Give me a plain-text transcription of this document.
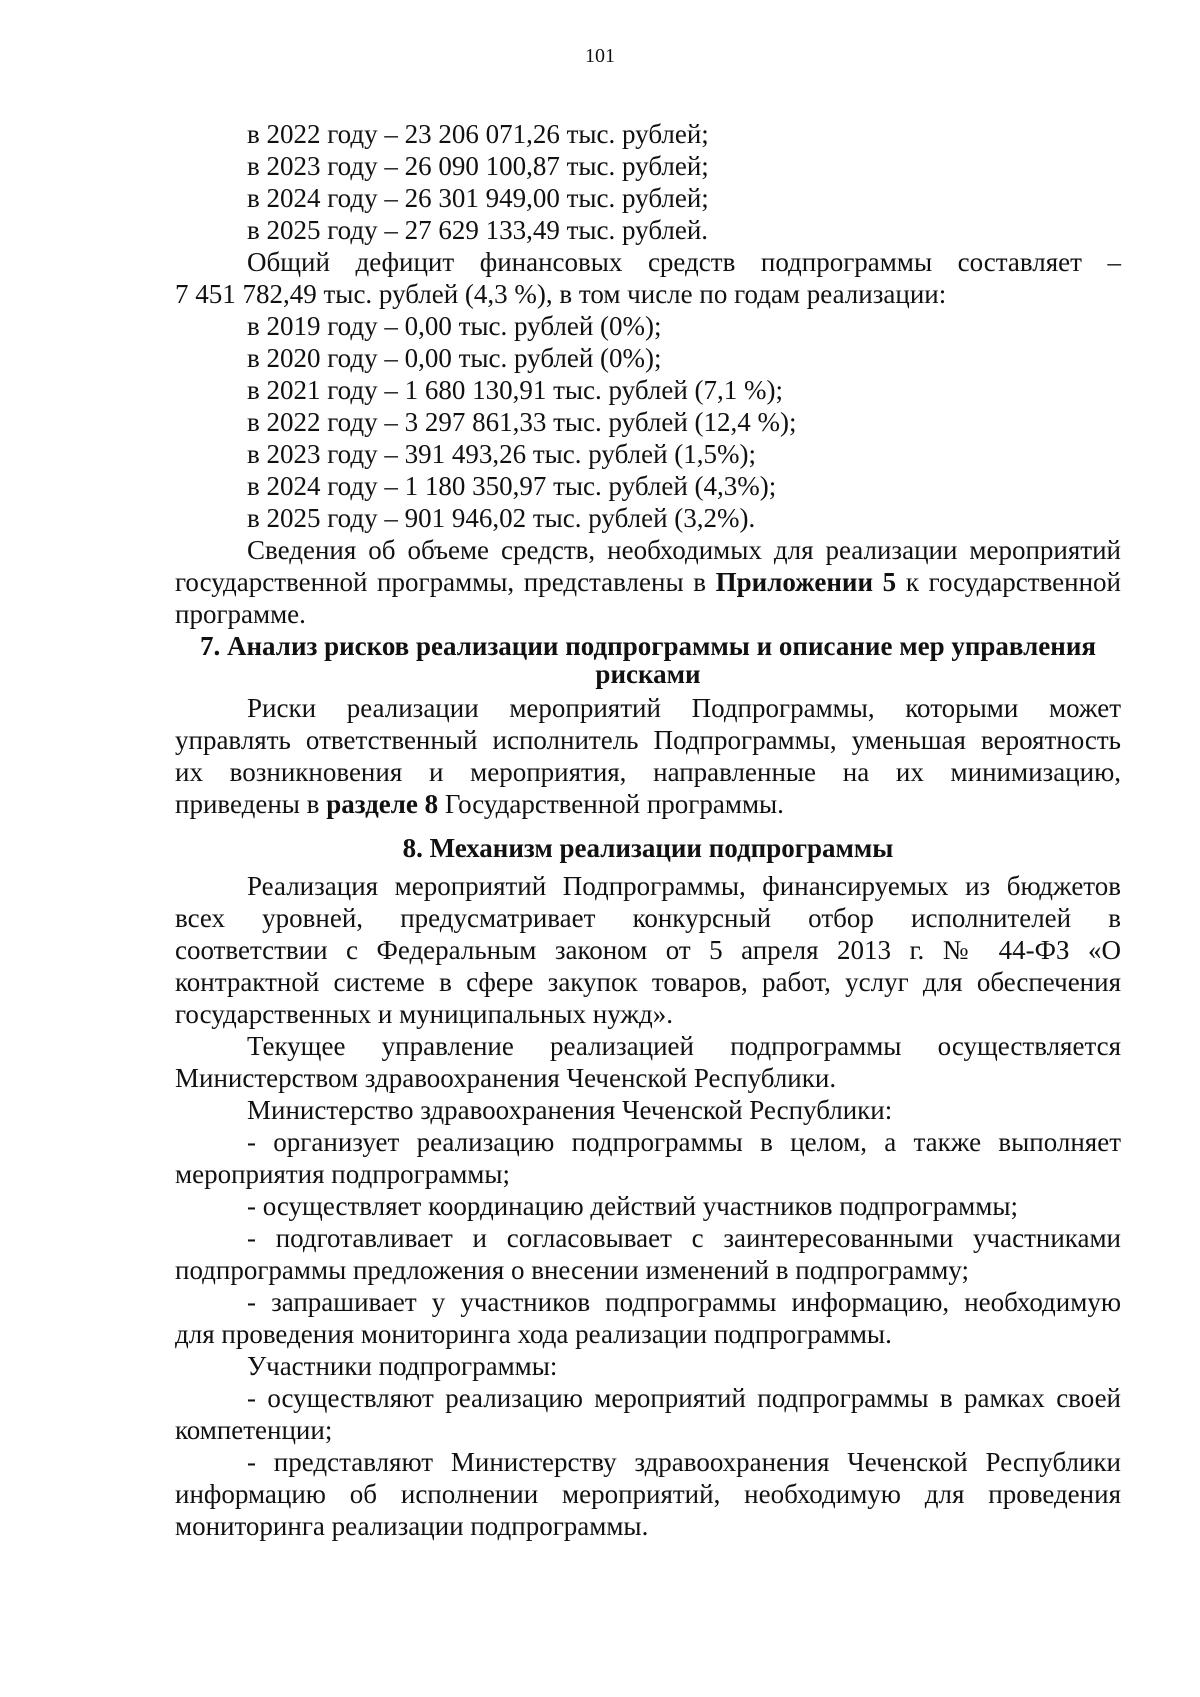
101

в 2022 году – 23 206 071,26 тыс. рублей;

в 2023 году – 26 090 100,87 тыс. рублей;

в 2024 году – 26 301 949,00 тыс. рублей;

в 2025 году – 27 629 133,49 тыс. рублей.

Общий дефицит финансовых средств подпрограммы составляет –

7 451 782,49 тыс. рублей (4,3 %), в том числе по годам реализации:

в 2019 году – 0,00 тыс. рублей (0%);

в 2020 году – 0,00 тыс. рублей (0%);

в 2021 году – 1 680 130,91 тыс. рублей (7,1 %);

в 2022 году – 3 297 861,33 тыс. рублей (12,4 %);

в 2023 году – 391 493,26 тыс. рублей (1,5%);

в 2024 году – 1 180 350,97 тыс. рублей (4,3%);

в 2025 году – 901 946,02 тыс. рублей (3,2%).

Сведения об объеме средств, необходимых для реализации мероприятий

государственной программы, представлены в Приложении 5 к государственной

программе.

7. Анализ рисков реализации подпрограммы и описание мер управления
рисками

Риски реализации мероприятий Подпрограммы, которыми может

управлять ответственный исполнитель Подпрограммы, уменьшая вероятность

их возникновения и мероприятия, направленные на их минимизацию,

приведены в разделе 8 Государственной программы.

8. Механизм реализации подпрограммы

Реализация мероприятий Подпрограммы, финансируемых из бюджетов

всех уровней, предусматривает конкурсный отбор исполнителей в

соответствии с Федеральным законом от 5 апреля 2013 г. № 44-ФЗ «О

контрактной системе в сфере закупок товаров, работ, услуг для обеспечения

государственных и муниципальных нужд».

Текущее управление реализацией подпрограммы осуществляется

Министерством здравоохранения Чеченской Республики.

Министерство здравоохранения Чеченской Республики:

- организует реализацию подпрограммы в целом, а также выполняет

мероприятия подпрограммы;

- осуществляет координацию действий участников подпрограммы;

- подготавливает и согласовывает с заинтересованными участниками

подпрограммы предложения о внесении изменений в подпрограмму;

- запрашивает у участников подпрограммы информацию, необходимую

для проведения мониторинга хода реализации подпрограммы.

Участники подпрограммы:

- осуществляют реализацию мероприятий подпрограммы в рамках своей

компетенции;

- представляют Министерству здравоохранения Чеченской Республики

информацию об исполнении мероприятий, необходимую для проведения

мониторинга реализации подпрограммы.
